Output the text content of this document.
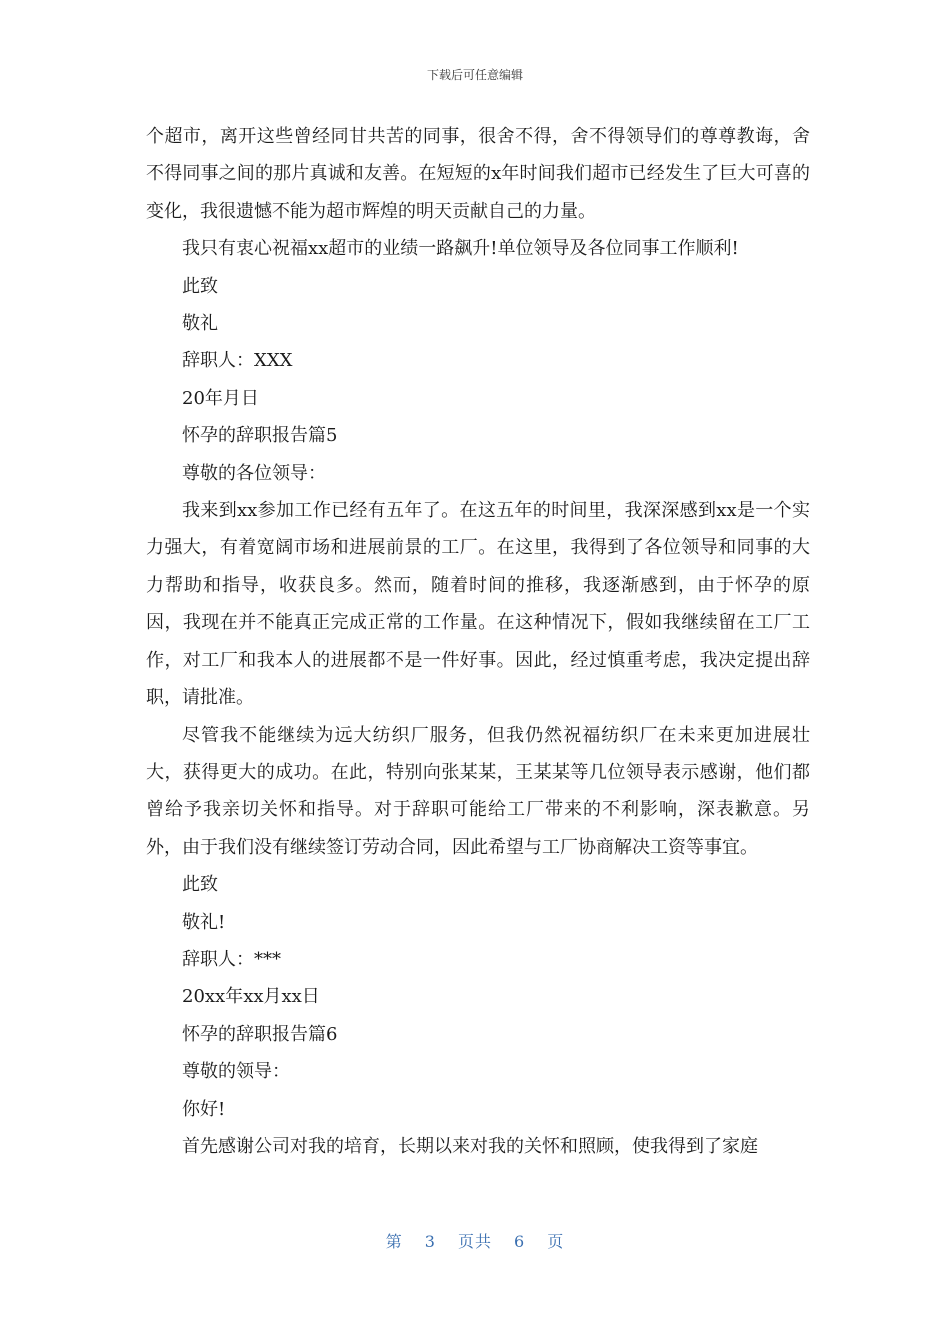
下载后可任意编辑

个超市，离开这些曾经同甘共苦的同事，很舍不得，舍不得领导们的尊尊教诲，舍不得同事之间的那片真诚和友善。在短短的x年时间我们超市已经发生了巨大可喜的变化，我很遗憾不能为超市辉煌的明天贡献自己的力量。

我只有衷心祝福xx超市的业绩一路飙升!单位领导及各位同事工作顺利!

此致

敬礼

辞职人：XXX

20年月日

怀孕的辞职报告篇5

尊敬的各位领导：

我来到xx参加工作已经有五年了。在这五年的时间里，我深深感到xx是一个实力强大，有着宽阔市场和进展前景的工厂。在这里，我得到了各位领导和同事的大力帮助和指导，收获良多。然而，随着时间的推移，我逐渐感到，由于怀孕的原因，我现在并不能真正完成正常的工作量。在这种情况下，假如我继续留在工厂工作，对工厂和我本人的进展都不是一件好事。因此，经过慎重考虑，我决定提出辞职，请批准。

尽管我不能继续为远大纺织厂服务，但我仍然祝福纺织厂在未来更加进展壮大，获得更大的成功。在此，特别向张某某，王某某等几位领导表示感谢，他们都曾给予我亲切关怀和指导。对于辞职可能给工厂带来的不利影响，深表歉意。另外，由于我们没有继续签订劳动合同，因此希望与工厂协商解决工资等事宜。

此致

敬礼!

辞职人：***

20xx年xx月xx日

怀孕的辞职报告篇6

尊敬的领导：

你好!

首先感谢公司对我的培育，长期以来对我的关怀和照顾，使我得到了家庭

第 3 页共 6 页
